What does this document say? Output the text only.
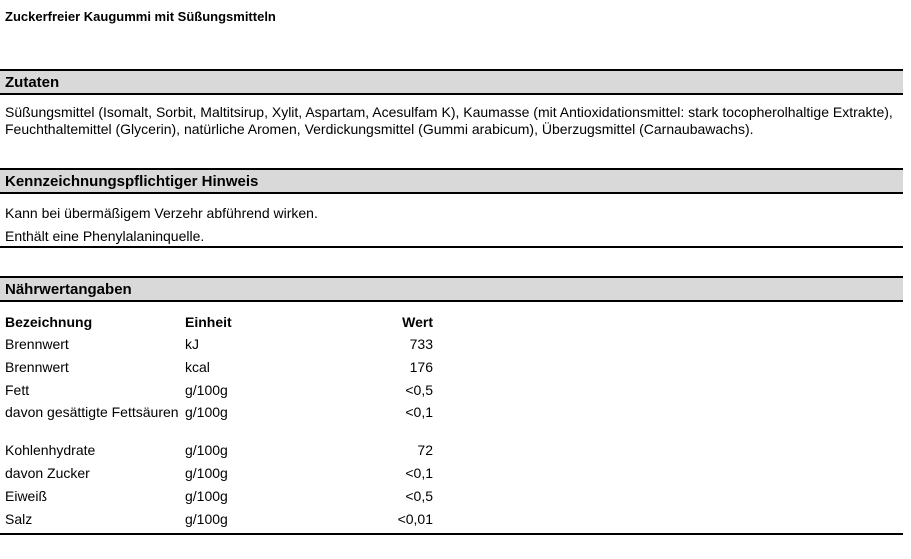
Zuckerfreier Kaugummi mit Süßungsmitteln
Zutaten
Süßungsmittel (Isomalt, Sorbit, Maltitsirup, Xylit, Aspartam, Acesulfam K), Kaumasse (mit Antioxidationsmittel: stark tocopherolhaltige Extrakte), Feuchthaltemittel (Glycerin), natürliche Aromen, Verdickungsmittel (Gummi arabicum), Überzugsmittel (Carnaubawachs).
Kennzeichnungspflichtiger Hinweis
Kann bei übermäßigem Verzehr abführend wirken.
Enthält eine Phenylalaninquelle.
Nährwertangaben
Bezeichnung	Einheit	Wert
Brennwert	kJ	733
Brennwert	kcal	176
Fett	g/100g	<0,5
davon gesättigte Fettsäuren	g/100g	<0,1
Kohlenhydrate	g/100g	72
davon Zucker	g/100g	<0,1
Eiweiß	g/100g	<0,5
Salz	g/100g	<0,01
